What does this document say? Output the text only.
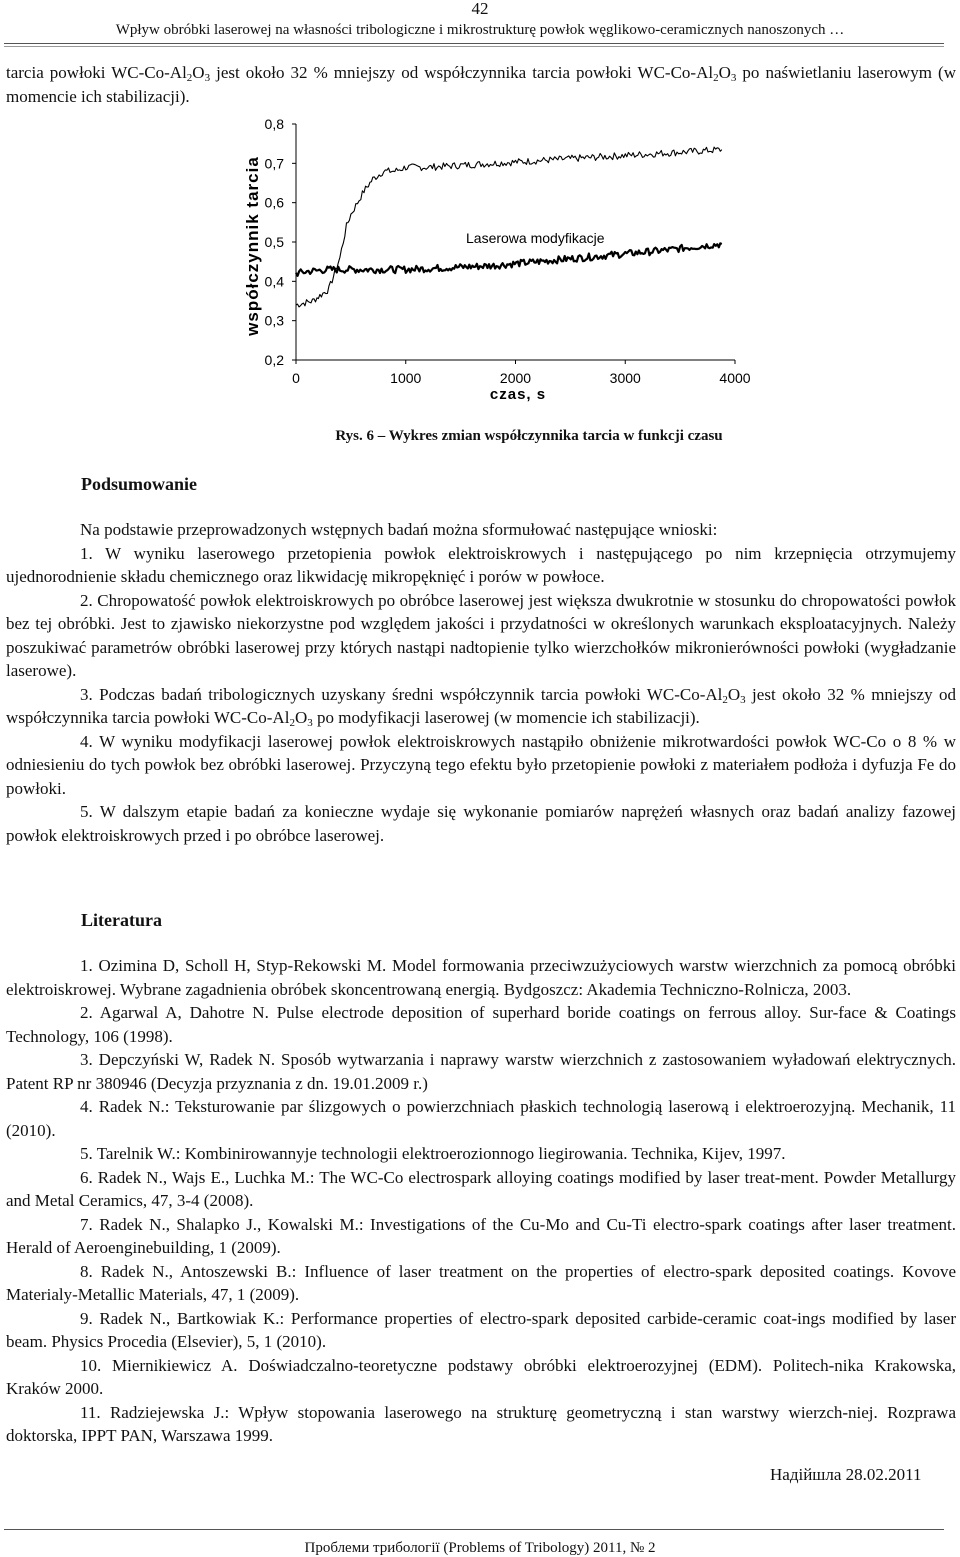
42
Wpływ obróbki laserowej na własności tribologiczne i mikrostrukturę powłok węglikowo-ceramicznych nanoszonych …

tarcia powłoki $WC-Co-Al_2O_3$ jest około 32 % mniejszy od współczynnika tarcia powłoki $WC-Co-Al_2O_3$ po naświetlaniu laserowym (w momencie ich stabilizacji).

0,2
0,3
0,4
0,5
0,6
0,7
0,8
0	1000	2000	3000	4000
współczynnik tarcia
czas, s
Laserowa modyfikacje
Rys. 6 – Wykres zmian współczynnika tarcia w funkcji czasu
Podsumowanie

Na podstawie przeprowadzonych wstępnych badań można sformułować następujące wnioski:

1. W wyniku laserowego przetopienia powłok elektroiskrowych i następującego po nim krzepnięcia otrzymujemy ujednorodnienie składu chemicznego oraz likwidację mikropęknięć i porów w powłoce.

2. Chropowatość powłok elektroiskrowych po obróbce laserowej jest większa dwukrotnie w stosunku do chropowatości powłok bez tej obróbki. Jest to zjawisko niekorzystne pod względem jakości i przydatności w określonych warunkach eksploatacyjnych. Należy poszukiwać parametrów obróbki laserowej przy których nastąpi nadtopienie tylko wierzchołków mikronierówności powłoki (wygładzanie laserowe).

3. Podczas badań tribologicznych uzyskany średni współczynnik tarcia powłoki $WC-Co-Al_2O_3$ jest około 32 % mniejszy od współczynnika tarcia powłoki $WC-Co-Al_2O_3$ po modyfikacji laserowej (w momencie ich stabilizacji).

4. W wyniku modyfikacji laserowej powłok elektroiskrowych nastąpiło obniżenie mikrotwardości powłok WC-Co o 8 % w odniesieniu do tych powłok bez obróbki laserowej. Przyczyną tego efektu było przetopienie powłoki z materiałem podłoża i dyfuzja Fe do powłoki.

5. W dalszym etapie badań za konieczne wydaje się wykonanie pomiarów naprężeń własnych oraz badań analizy fazowej powłok elektroiskrowych przed i po obróbce laserowej.

Literatura

1. Ozimina D, Scholl H, Styp-Rekowski M. Model formowania przeciwzużyciowych warstw wierzchnich za pomocą obróbki elektroiskrowej. Wybrane zagadnienia obróbek skoncentrowaną energią. Bydgoszcz: Akademia Techniczno-Rolnicza, 2003.

2. Agarwal A, Dahotre N. Pulse electrode deposition of superhard boride coatings on ferrous alloy. Sur-face & Coatings Technology, 106 (1998).

3. Depczyński W, Radek N. Sposób wytwarzania i naprawy warstw wierzchnich z zastosowaniem wyładowań elektrycznych. Patent RP nr 380946 (Decyzja przyznania z dn. 19.01.2009 r.)

4. Radek N.: Teksturowanie par ślizgowych o powierzchniach płaskich technologią laserową i elektroerozyjną. Mechanik, 11 (2010).

5. Tarelnik W.: Kombinirowannyje technologii elektroerozionnogo liegirowania. Technika, Kijev, 1997.

6. Radek N., Wajs E., Luchka M.: The WC-Co electrospark alloying coatings modified by laser treat-ment. Powder Metallurgy and Metal Ceramics, 47, 3-4 (2008).

7. Radek N., Shalapko J., Kowalski M.: Investigations of the Cu-Mo and Cu-Ti electro-spark coatings after laser treatment. Herald of Aeroenginebuilding, 1 (2009).

8. Radek N., Antoszewski B.: Influence of laser treatment on the properties of electro-spark deposited coatings. Kovove Materialy-Metallic Materials, 47, 1 (2009).

9. Radek N., Bartkowiak K.: Performance properties of electro-spark deposited carbide-ceramic coat-ings modified by laser beam. Physics Procedia (Elsevier), 5, 1 (2010).

10. Miernikiewicz A. Doświadczalno-teoretyczne podstawy obróbki elektroerozyjnej (EDM). Politech-nika Krakowska, Kraków 2000.

11. Radziejewska J.: Wpływ stopowania laserowego na strukturę geometryczną i stan warstwy wierzch-niej. Rozprawa doktorska, IPPT PAN, Warszawa 1999.

Надійшла 28.02.2011
Проблеми трибології (Problems of Tribology) 2011, № 2
